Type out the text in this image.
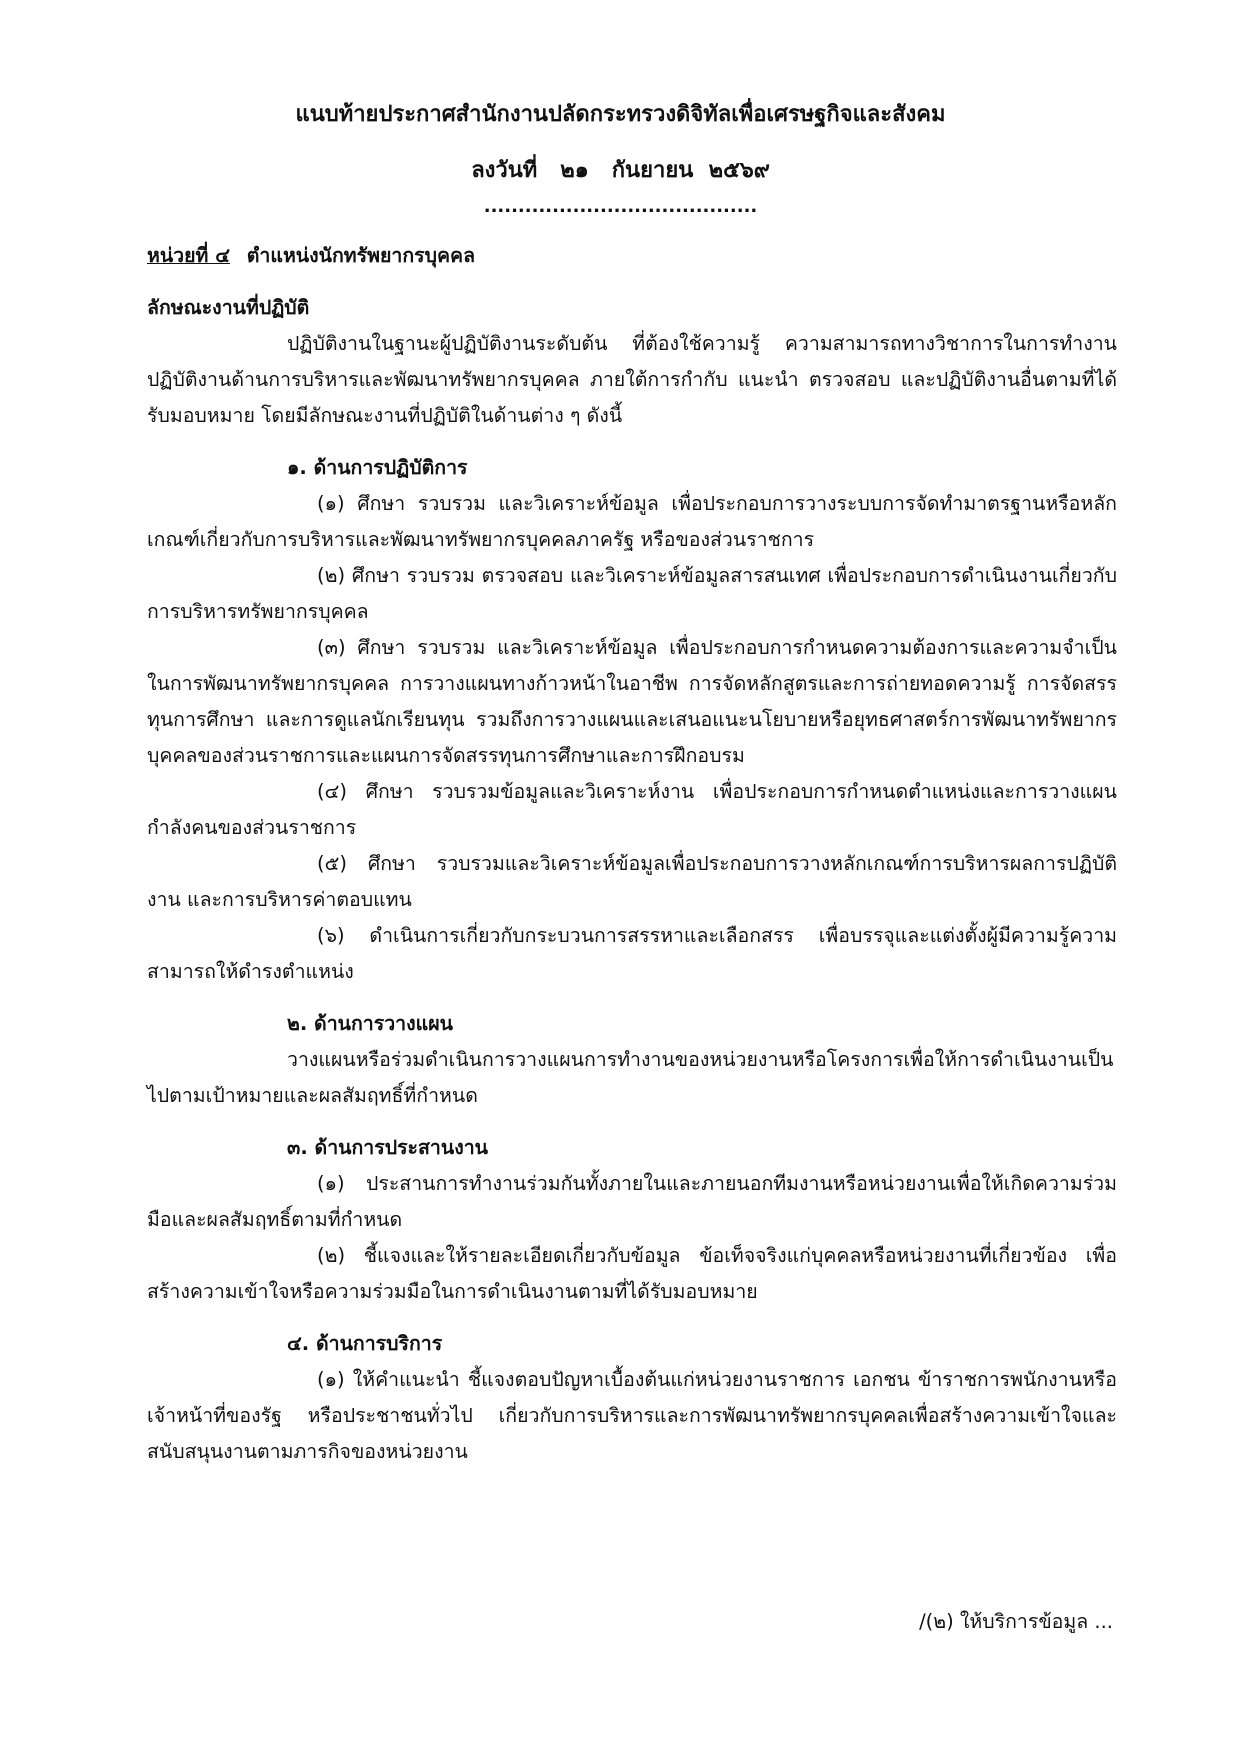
แนบท้ายประกาศสำนักงานปลัดกระทรวงดิจิทัลเพื่อเศรษฐกิจและสังคม
ลงวันที่   ๒๑   กันยายน  ๒๕๖๙
........................................
หน่วยที่ ๔ ตำแหน่งนักทรัพยากรบุคคล
ลักษณะงานที่ปฏิบัติ
ปฏิบัติงานในฐานะผู้ปฏิบัติงานระดับต้น ที่ต้องใช้ความรู้ ความสามารถทางวิชาการในการทำงาน ปฏิบัติงานด้านการบริหารและพัฒนาทรัพยากรบุคคล ภายใต้การกำกับ แนะนำ ตรวจสอบ และปฏิบัติงานอื่นตามที่ได้รับมอบหมาย โดยมีลักษณะงานที่ปฏิบัติในด้านต่าง ๆ ดังนี้
๑. ด้านการปฏิบัติการ
(๑) ศึกษา รวบรวม และวิเคราะห์ข้อมูล เพื่อประกอบการวางระบบการจัดทำมาตรฐานหรือหลักเกณฑ์เกี่ยวกับการบริหารและพัฒนาทรัพยากรบุคคลภาครัฐ หรือของส่วนราชการ
(๒) ศึกษา รวบรวม ตรวจสอบ และวิเคราะห์ข้อมูลสารสนเทศ เพื่อประกอบการดำเนินงานเกี่ยวกับการบริหารทรัพยากรบุคคล
(๓) ศึกษา รวบรวม และวิเคราะห์ข้อมูล เพื่อประกอบการกำหนดความต้องการและความจำเป็น ในการพัฒนาทรัพยากรบุคคล การวางแผนทางก้าวหน้าในอาชีพ การจัดหลักสูตรและการถ่ายทอดความรู้ การจัดสรรทุนการศึกษา และการดูแลนักเรียนทุน รวมถึงการวางแผนและเสนอแนะนโยบายหรือยุทธศาสตร์การพัฒนาทรัพยากรบุคคลของส่วนราชการและแผนการจัดสรรทุนการศึกษาและการฝึกอบรม
(๔) ศึกษา รวบรวมข้อมูลและวิเคราะห์งาน เพื่อประกอบการกำหนดตำแหน่งและการวางแผนกำลังคนของส่วนราชการ
(๕) ศึกษา รวบรวมและวิเคราะห์ข้อมูลเพื่อประกอบการวางหลักเกณฑ์การบริหารผลการปฏิบัติงาน และการบริหารค่าตอบแทน
(๖) ดำเนินการเกี่ยวกับกระบวนการสรรหาและเลือกสรร เพื่อบรรจุและแต่งตั้งผู้มีความรู้ความสามารถให้ดำรงตำแหน่ง
๒. ด้านการวางแผน
วางแผนหรือร่วมดำเนินการวางแผนการทำงานของหน่วยงานหรือโครงการเพื่อให้การดำเนินงานเป็นไปตามเป้าหมายและผลสัมฤทธิ์ที่กำหนด
๓. ด้านการประสานงาน
(๑) ประสานการทำงานร่วมกันทั้งภายในและภายนอกทีมงานหรือหน่วยงานเพื่อให้เกิดความร่วมมือและผลสัมฤทธิ์ตามที่กำหนด
(๒) ชี้แจงและให้รายละเอียดเกี่ยวกับข้อมูล ข้อเท็จจริงแก่บุคคลหรือหน่วยงานที่เกี่ยวข้อง เพื่อสร้างความเข้าใจหรือความร่วมมือในการดำเนินงานตามที่ได้รับมอบหมาย
๔. ด้านการบริการ
(๑) ให้คำแนะนำ ชี้แจงตอบปัญหาเบื้องต้นแก่หน่วยงานราชการ เอกชน ข้าราชการพนักงานหรือเจ้าหน้าที่ของรัฐ หรือประชาชนทั่วไป เกี่ยวกับการบริหารและการพัฒนาทรัพยากรบุคคลเพื่อสร้างความเข้าใจและสนับสนุนงานตามภารกิจของหน่วยงาน
/(๒) ให้บริการข้อมูล ...
